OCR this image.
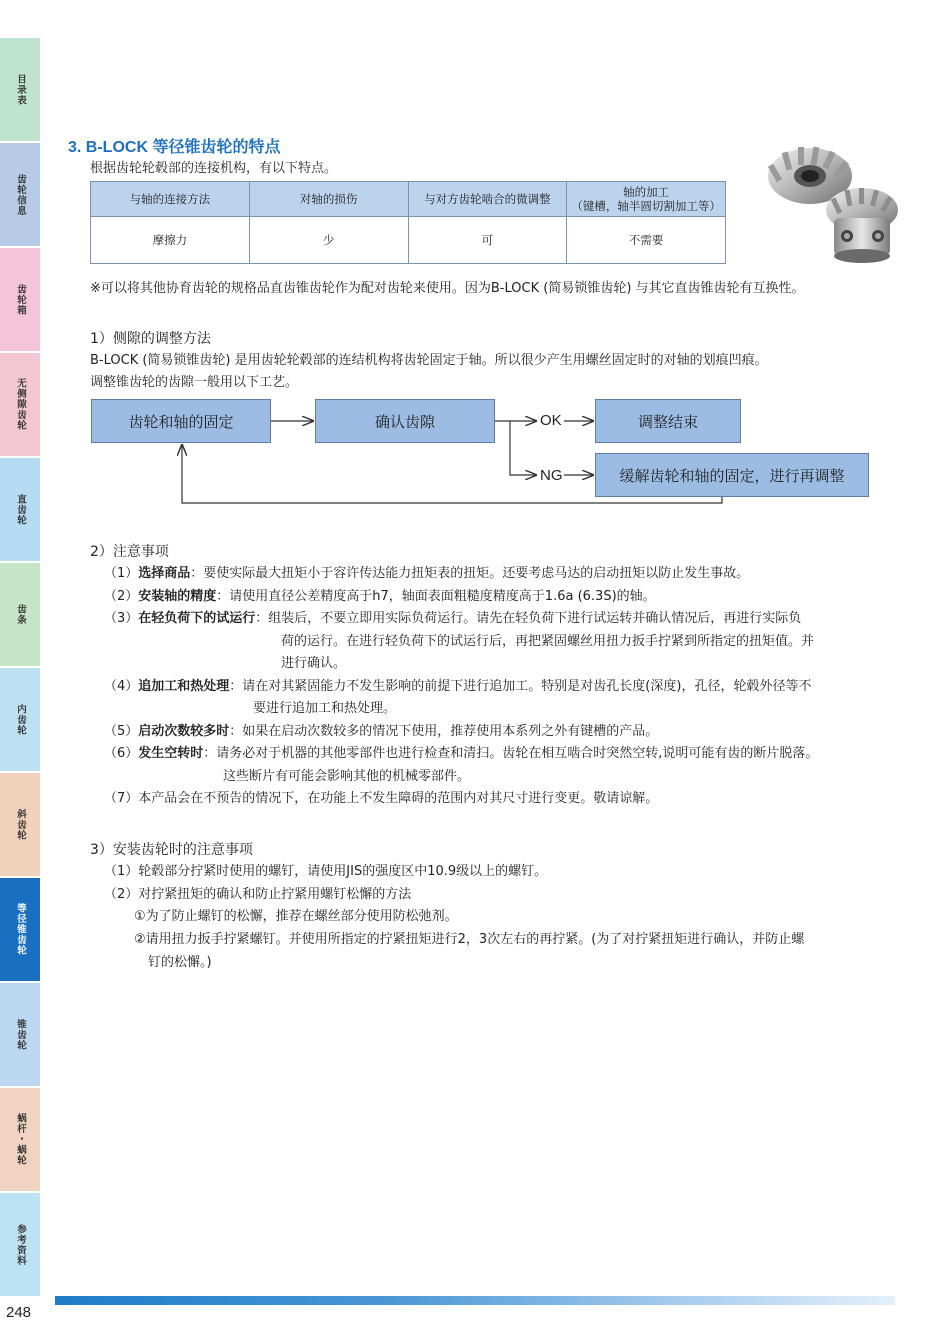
目录表
齿轮信息
齿轮箱
无侧隙齿轮
直齿轮
齿条
内齿轮
斜齿轮
等径锥齿轮
锥齿轮
蜗杆・蜗轮
参考资料
3. B-LOCK 等径锥齿轮的特点
根据齿轮轮毂部的连接机构，有以下特点。
与轴的连接方法	对轴的损伤	与对方齿轮啮合的微调整	轴的加工
（键槽，轴半圆切割加工等）

摩擦力	少	可	不需要
※可以将其他协育齿轮的规格品直齿锥齿轮作为配对齿轮来使用。因为B-LOCK (简易锁锥齿轮) 与其它直齿锥齿轮有互换性。
1）侧隙的调整方法
B-LOCK (简易锁锥齿轮) 是用齿轮轮毂部的连结机构将齿轮固定于轴。所以很少产生用螺丝固定时的对轴的划痕凹痕。
调整锥齿轮的齿隙一般用以下工艺。
齿轮和轴的固定	确认齿隙	OK	调整结束
NG	缓解齿轮和轴的固定，进行再调整
2）注意事项
（1）选择商品：要使实际最大扭矩小于容许传达能力扭矩表的扭矩。还要考虑马达的启动扭矩以防止发生事故。
（2）安装轴的精度：请使用直径公差精度高于h7，轴面表面粗糙度精度高于1.6a (6.3S)的轴。
（3）在轻负荷下的试运行：组装后，不要立即用实际负荷运行。请先在轻负荷下进行试运转并确认情况后，再进行实际负
荷的运行。在进行轻负荷下的试运行后，再把紧固螺丝用扭力扳手拧紧到所指定的扭矩值。并
进行确认。
（4）追加工和热处理：请在对其紧固能力不发生影响的前提下进行追加工。特别是对齿孔长度(深度)，孔径，轮毂外径等不
要进行追加工和热处理。
（5）启动次数较多时：如果在启动次数较多的情况下使用，推荐使用本系列之外有键槽的产品。
（6）发生空转时：请务必对于机器的其他零部件也进行检查和清扫。齿轮在相互啮合时突然空转,说明可能有齿的断片脱落。
这些断片有可能会影响其他的机械零部件。
（7）本产品会在不预告的情况下，在功能上不发生障碍的范围内对其尺寸进行变更。敬请谅解。
3）安装齿轮时的注意事项
（1）轮毂部分拧紧时使用的螺钉，请使用JIS的强度区中10.9级以上的螺钉。
（2）对拧紧扭矩的确认和防止拧紧用螺钉松懈的方法
①为了防止螺钉的松懈，推荐在螺丝部分使用防松弛剂。
②请用扭力扳手拧紧螺钉。并使用所指定的拧紧扭矩进行2，3次左右的再拧紧。(为了对拧紧扭矩进行确认，并防止螺
钉的松懈。)
248
